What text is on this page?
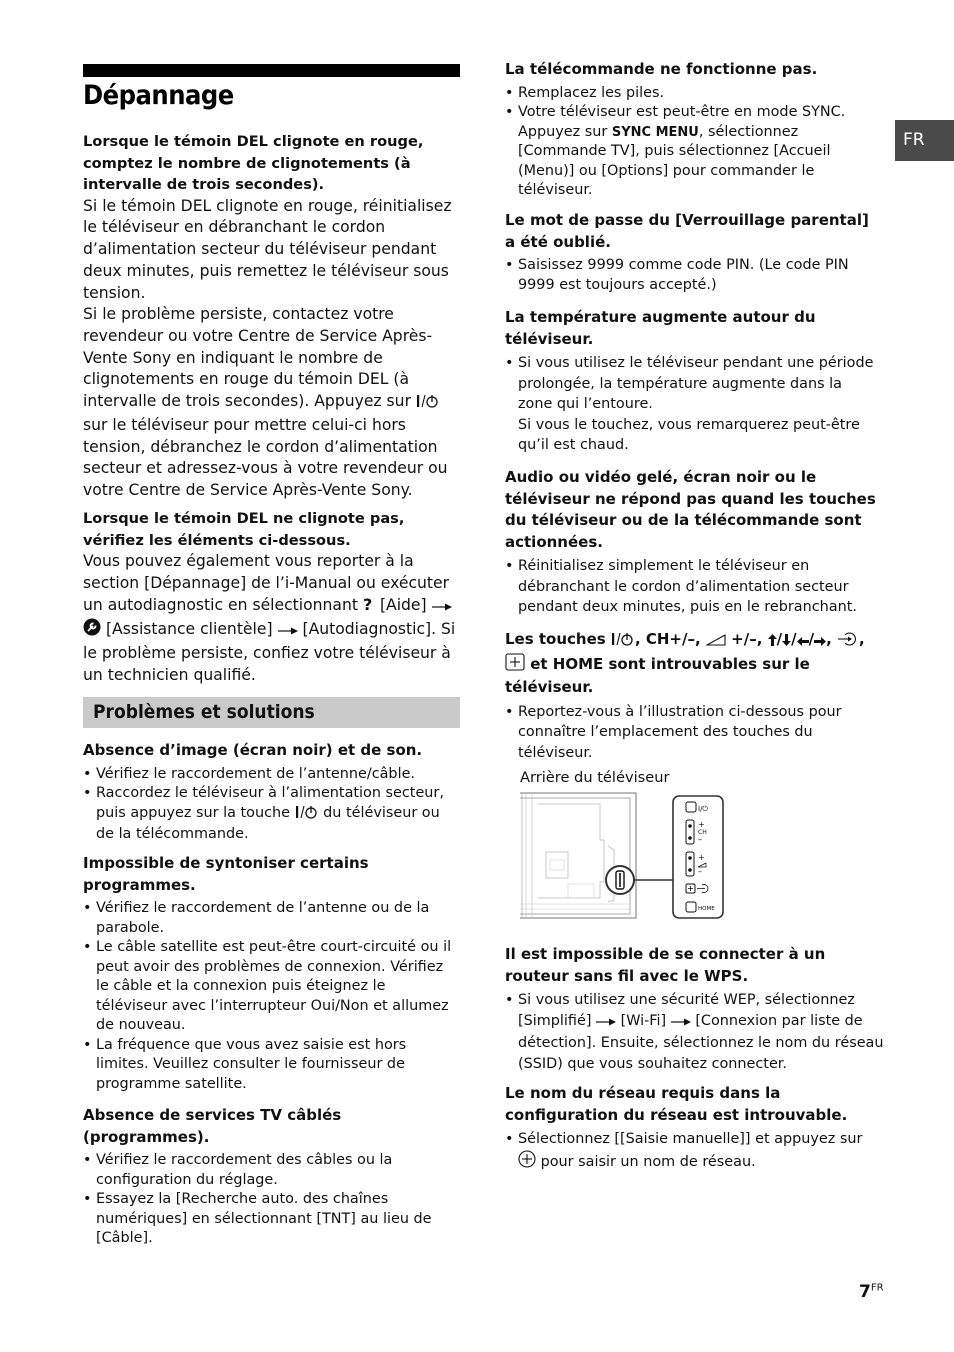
Dépannage
FR

Lorsque le témoin DEL clignote en rouge, comptez le nombre de clignotements (à intervalle de trois secondes).

Si le témoin DEL clignote en rouge, réinitialisez le téléviseur en débranchant le cordon d’alimentation secteur du téléviseur pendant deux minutes, puis remettez le téléviseur sous tension.

Si le problème persiste, contactez votre revendeur ou votre Centre de Service Après-Vente Sony en indiquant le nombre de clignotements en rouge du témoin DEL (à intervalle de trois secondes). Appuyez sur  sur le téléviseur pour mettre celui-ci hors tension, débranchez le cordon d’alimentation secteur et adressez-vous à votre revendeur ou votre Centre de Service Après-Vente Sony.

Lorsque le témoin DEL ne clignote pas, vérifiez les éléments ci-dessous.

Vous pouvez également vous reporter à la section [Dépannage] de l’i-Manual ou exécuter un autodiagnostic en sélectionnant ? [Aide]   [Assistance clientèle] [Autodiagnostic]. Si le problème persiste, confiez votre téléviseur à un technicien qualifié.

Problèmes et solutions

Absence d’image (écran noir) et de son.

• Vérifiez le raccordement de l’antenne/câble.
• Raccordez le téléviseur à l’alimentation secteur, puis appuyez sur la touche du téléviseur ou de la télécommande.

Impossible de syntoniser certains programmes.

• Vérifiez le raccordement de l’antenne ou de la parabole.
• Le câble satellite est peut-être court-circuité ou il peut avoir des problèmes de connexion. Vérifiez le câble et la connexion puis éteignez le téléviseur avec l’interrupteur Oui/Non et allumez de nouveau.
• La fréquence que vous avez saisie est hors limites. Veuillez consulter le fournisseur de programme satellite.

Absence de services TV câblés (programmes).

• Vérifiez le raccordement des câbles ou la configuration du réglage.
• Essayez la [Recherche auto. des chaînes numériques] en sélectionnant [TNT] au lieu de [Câble].

La télécommande ne fonctionne pas.

• Remplacez les piles.
• Votre téléviseur est peut-être en mode SYNC. Appuyez sur SYNC MENU, sélectionnez [Commande TV], puis sélectionnez [Accueil (Menu)] ou [Options] pour commander le téléviseur.

Le mot de passe du [Verrouillage parental] a été oublié.

• Saisissez 9999 comme code PIN. (Le code PIN 9999 est toujours accepté.)

La température augmente autour du téléviseur.

• Si vous utilisez le téléviseur pendant une période prolongée, la température augmente dans la zone qui l’entoure.
Si vous le touchez, vous remarquerez peut-être qu’il est chaud.

Audio ou vidéo gelé, écran noir ou le téléviseur ne répond pas quand les touches du téléviseur ou de la télécommande sont actionnées.

• Réinitialisez simplement le téléviseur en débranchant le cordon d’alimentation secteur pendant deux minutes, puis en le rebranchant.

Les touches , CH+/–, +/–, / / / , ,
et HOME sont introuvables sur le téléviseur.

• Reportez-vous à l’illustration ci-dessous pour connaître l’emplacement des touches du téléviseur.
Arrière du téléviseur
I/⏻
+
CH
–
+
–
HOME

Il est impossible de se connecter à un routeur sans fil avec le WPS.

• Si vous utilisez une sécurité WEP, sélectionnez [Simplifié] [Wi-Fi] [Connexion par liste de détection]. Ensuite, sélectionnez le nom du réseau (SSID) que vous souhaitez connecter.

Le nom du réseau requis dans la configuration du réseau est introuvable.

• Sélectionnez [[Saisie manuelle]] et appuyez sur
pour saisir un nom de réseau.
$7^{FR}$
